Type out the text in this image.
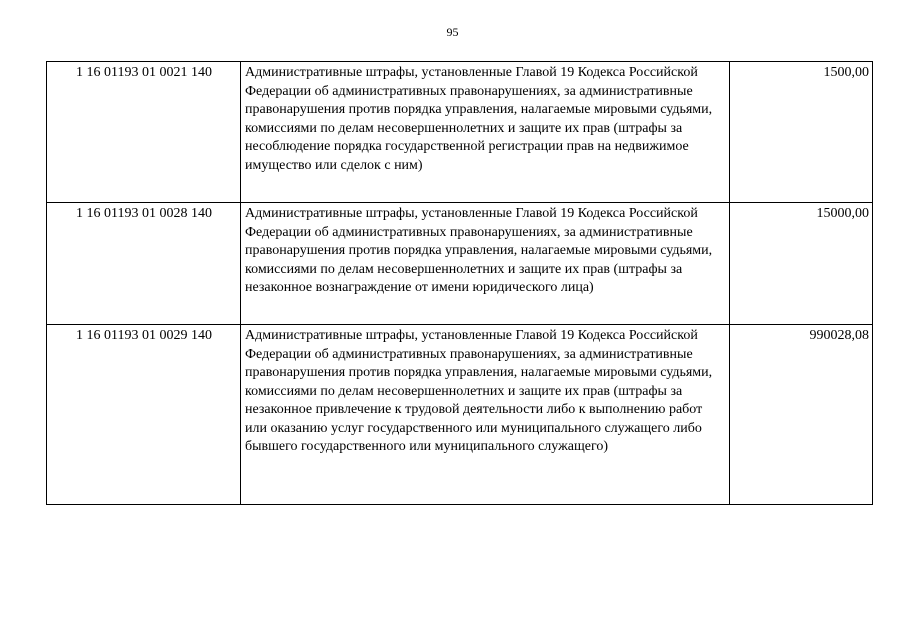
95
1 16 01193 01 0021 140	Административные штрафы, установленные Главой 19 Кодекса Российской Федерации об административных правонарушениях, за административные правонарушения против порядка управления, налагаемые мировыми судьями, комиссиями по делам несовершеннолетних и защите их прав (штрафы за несоблюдение порядка государственной регистрации прав на недвижимое имущество или сделок с ним)	1500,00
1 16 01193 01 0028 140	Административные штрафы, установленные Главой 19 Кодекса Российской Федерации об административных правонарушениях, за административные правонарушения против порядка управления, налагаемые мировыми судьями, комиссиями по делам несовершеннолетних и защите их прав (штрафы за незаконное вознаграждение от имени юридического лица)	15000,00
1 16 01193 01 0029 140	Административные штрафы, установленные Главой 19 Кодекса Российской Федерации об административных правонарушениях, за административные правонарушения против порядка управления, налагаемые мировыми судьями, комиссиями по делам несовершеннолетних и защите их прав (штрафы за незаконное привлечение к трудовой деятельности либо к выполнению работ или оказанию услуг государственного или муниципального служащего либо бывшего государственного или муниципального служащего)	990028,08
